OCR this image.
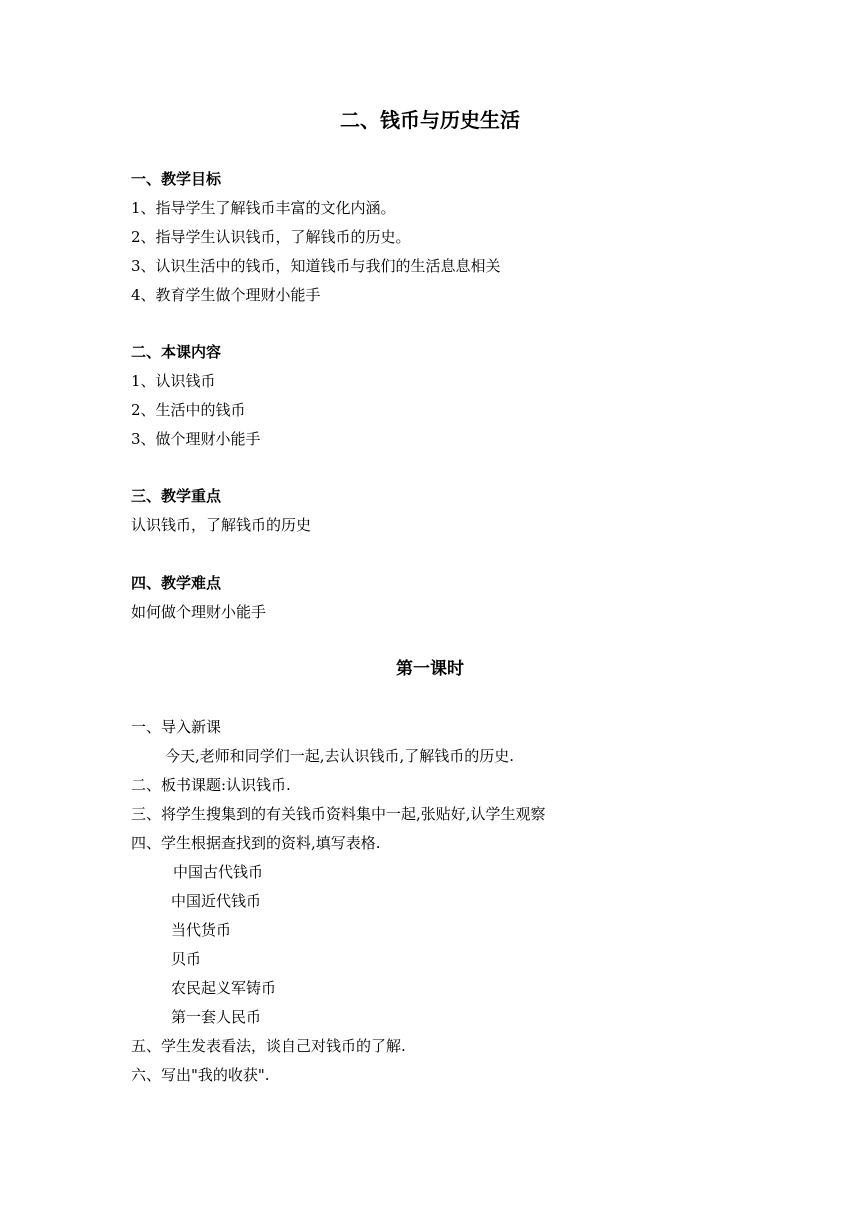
二、钱币与历史生活
一、教学目标
1、指导学生了解钱币丰富的文化内涵。
2、指导学生认识钱币，了解钱币的历史。
3、认识生活中的钱币，知道钱币与我们的生活息息相关
4、教育学生做个理财小能手
二、本课内容
1、认识钱币
2、生活中的钱币
3、做个理财小能手
三、教学重点
认识钱币，了解钱币的历史
四、教学难点
如何做个理财小能手
第一课时
一、导入新课
今天,老师和同学们一起,去认识钱币,了解钱币的历史.
二、板书课题:认识钱币.
三、将学生搜集到的有关钱币资料集中一起,张贴好,认学生观察
四、学生根据查找到的资料,填写表格.
中国古代钱币
中国近代钱币
当代货币
贝币
农民起义军铸币
第一套人民币
五、学生发表看法，谈自己对钱币的了解.
六、写出"我的收获".
